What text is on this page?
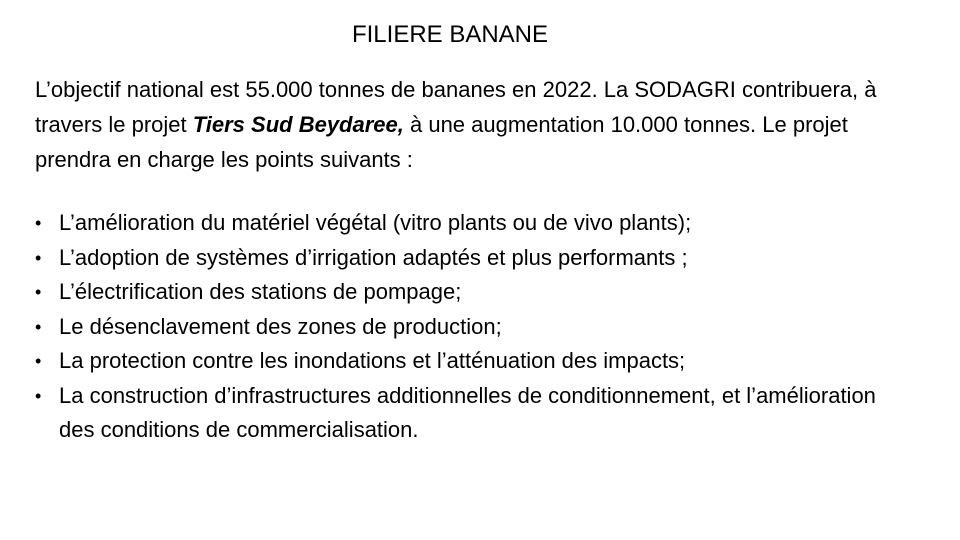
FILIERE BANANE
L’objectif national est 55.000 tonnes de bananes en 2022. La SODAGRI contribuera, à travers le projet Tiers Sud Beydaree, à une augmentation 10.000 tonnes. Le projet prendra en charge les points suivants :
• L’amélioration du matériel végétal (vitro plants ou de vivo plants);
• L’adoption de systèmes d’irrigation adaptés et plus performants ;
• L’électrification des stations de pompage;
• Le désenclavement des zones de production;
• La protection contre les inondations et l’atténuation des impacts;
• La construction d’infrastructures additionnelles de conditionnement, et l’amélioration des conditions de commercialisation.
